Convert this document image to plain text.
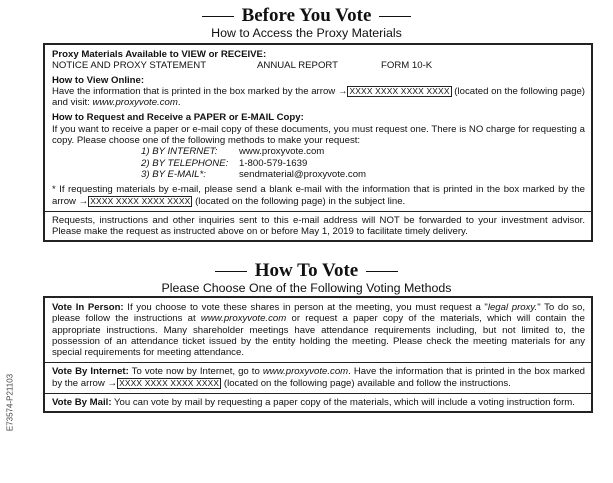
Before You Vote
How to Access the Proxy Materials
Proxy Materials Available to VIEW or RECEIVE:
NOTICE AND PROXY STATEMENT	ANNUAL REPORT	FORM 10-K
How to View Online:
Have the information that is printed in the box marked by the arrow → XXXX XXXX XXXX XXXX (located on the following page) and visit: www.proxyvote.com.
How to Request and Receive a PAPER or E-MAIL Copy:
If you want to receive a paper or e-mail copy of these documents, you must request one. There is NO charge for requesting a copy. Please choose one of the following methods to make your request:
1) BY INTERNET:	www.proxyvote.com
2) BY TELEPHONE:	1-800-579-1639
3) BY E-MAIL*:	sendmaterial@proxyvote.com
* If requesting materials by e-mail, please send a blank e-mail with the information that is printed in the box marked by the arrow → XXXX XXXX XXXX XXXX (located on the following page) in the subject line.
Requests, instructions and other inquiries sent to this e-mail address will NOT be forwarded to your investment advisor. Please make the request as instructed above on or before May 1, 2019 to facilitate timely delivery.
How To Vote
Please Choose One of the Following Voting Methods
Vote In Person: If you choose to vote these shares in person at the meeting, you must request a "legal proxy." To do so, please follow the instructions at www.proxyvote.com or request a paper copy of the materials, which will contain the appropriate instructions. Many shareholder meetings have attendance requirements including, but not limited to, the possession of an attendance ticket issued by the entity holding the meeting. Please check the meeting materials for any special requirements for meeting attendance.
Vote By Internet: To vote now by Internet, go to www.proxyvote.com. Have the information that is printed in the box marked by the arrow → XXXX XXXX XXXX XXXX (located on the following page) available and follow the instructions.
Vote By Mail: You can vote by mail by requesting a paper copy of the materials, which will include a voting instruction form.
E73574-P21103
